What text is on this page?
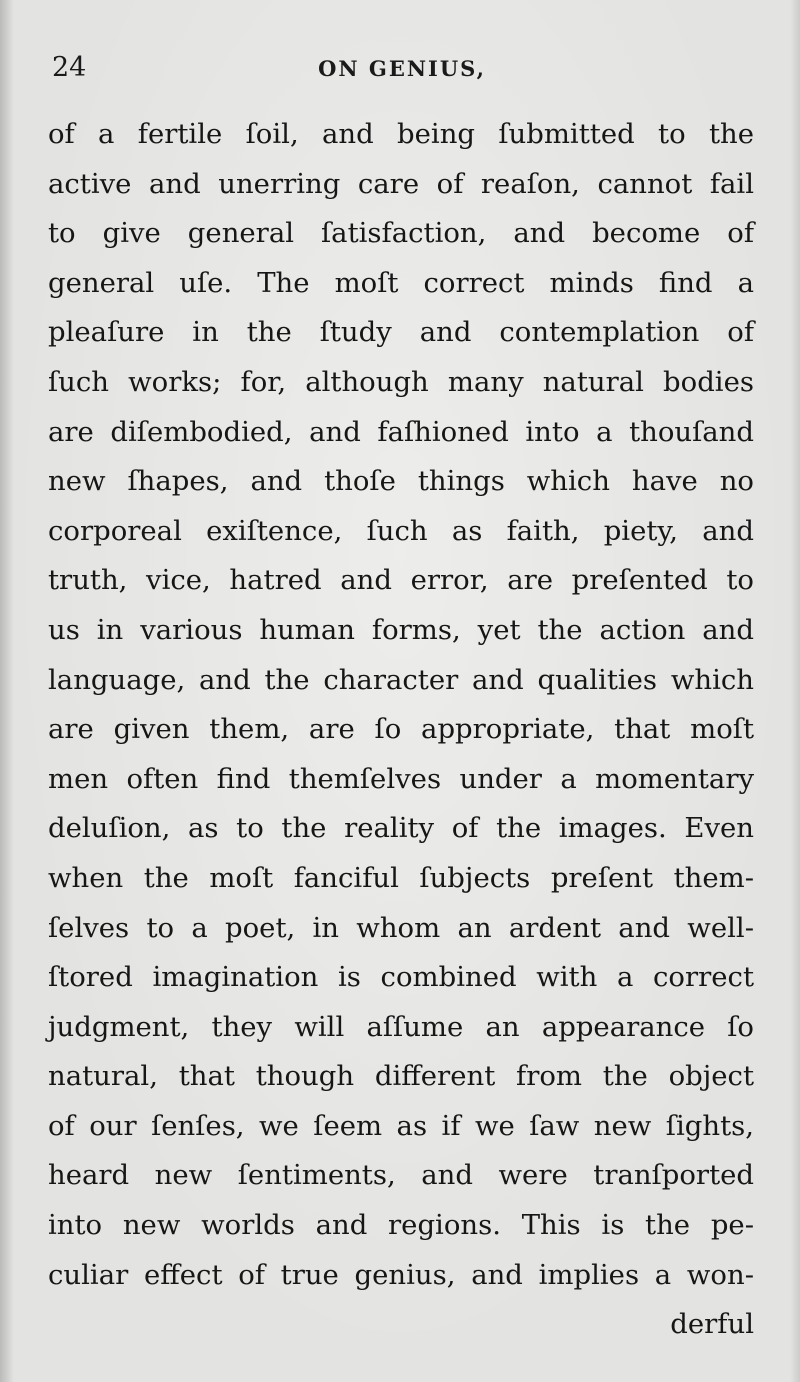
24	ON GENIUS,
of a fertile ſoil, and being ſubmitted to the
active and unerring care of reaſon, cannot fail
to give general ſatisfaction, and become of
general uſe. The moſt correct minds find a
pleaſure in the ſtudy and contemplation of
ſuch works; for, although many natural bodies
are diſembodied, and faſhioned into a thouſand
new ſhapes, and thoſe things which have no
corporeal exiſtence, ſuch as faith, piety, and
truth, vice, hatred and error, are preſented to
us in various human forms, yet the action and
language, and the character and qualities which
are given them, are ſo appropriate, that moſt
men often find themſelves under a momentary
deluſion, as to the reality of the images. Even
when the moſt fanciful ſubjects preſent them-
ſelves to a poet, in whom an ardent and well-
ſtored imagination is combined with a correct
judgment, they will aſſume an appearance ſo
natural, that though different from the object
of our ſenſes, we ſeem as if we ſaw new ſights,
heard new ſentiments, and were tranſported
into new worlds and regions. This is the pe-
culiar effect of true genius, and implies a won-
derful
